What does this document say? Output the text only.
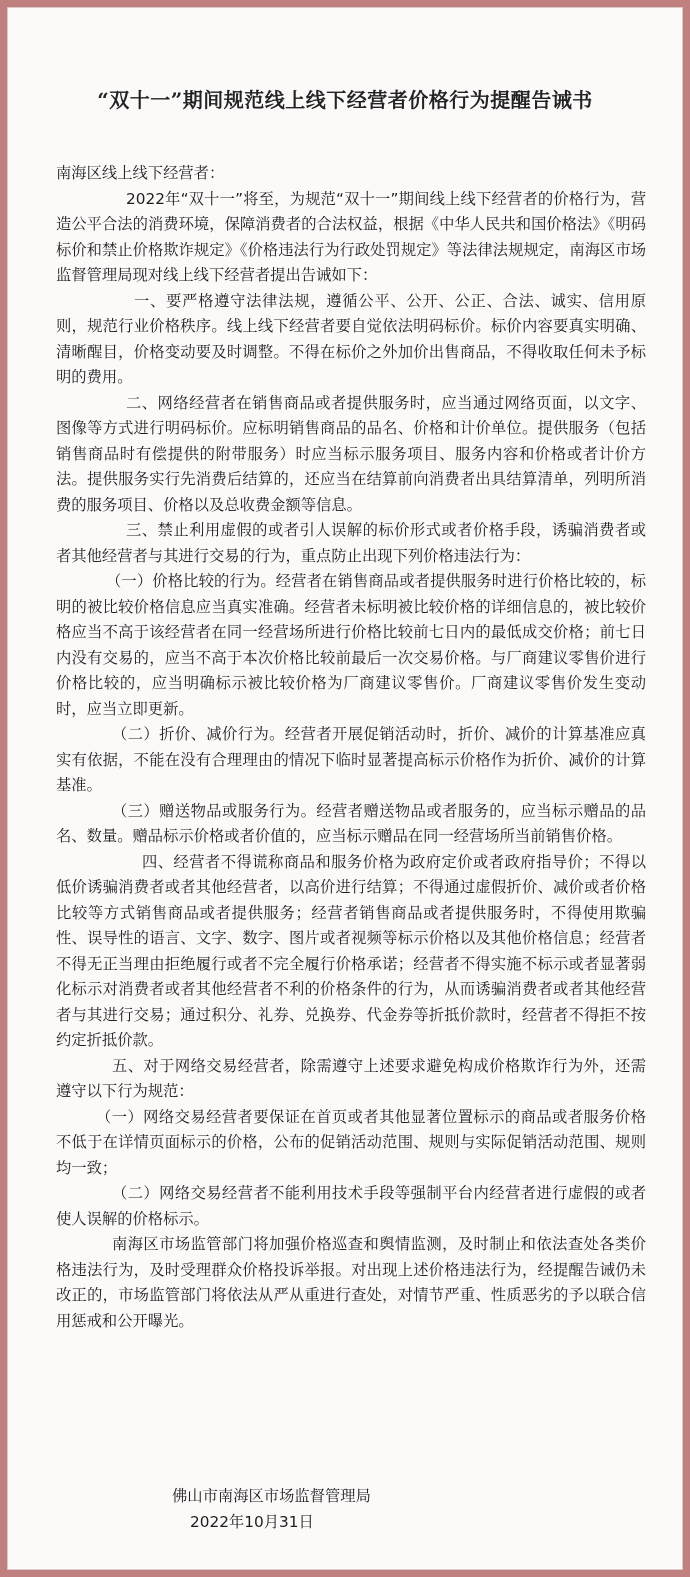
“双十一”期间规范线上线下经营者价格行为提醒告诫书

南海区线上线下经营者：

2022年“双十一”将至，为规范“双十一”期间线上线下经营者的价格行为，营造公平合法的消费环境，保障消费者的合法权益，根据《中华人民共和国价格法》《明码标价和禁止价格欺诈规定》《价格违法行为行政处罚规定》等法律法规规定，南海区市场监督管理局现对线上线下经营者提出告诫如下：

一、要严格遵守法律法规，遵循公平、公开、公正、合法、诚实、信用原则，规范行业价格秩序。线上线下经营者要自觉依法明码标价。标价内容要真实明确、清晰醒目，价格变动要及时调整。不得在标价之外加价出售商品，不得收取任何未予标明的费用。

二、网络经营者在销售商品或者提供服务时，应当通过网络页面，以文字、图像等方式进行明码标价。应标明销售商品的品名、价格和计价单位。提供服务（包括销售商品时有偿提供的附带服务）时应当标示服务项目、服务内容和价格或者计价方法。提供服务实行先消费后结算的，还应当在结算前向消费者出具结算清单，列明所消费的服务项目、价格以及总收费金额等信息。

三、禁止利用虚假的或者引人误解的标价形式或者价格手段，诱骗消费者或者其他经营者与其进行交易的行为，重点防止出现下列价格违法行为：

（一）价格比较的行为。经营者在销售商品或者提供服务时进行价格比较的，标明的被比较价格信息应当真实准确。经营者未标明被比较价格的详细信息的，被比较价格应当不高于该经营者在同一经营场所进行价格比较前七日内的最低成交价格；前七日内没有交易的，应当不高于本次价格比较前最后一次交易价格。与厂商建议零售价进行价格比较的，应当明确标示被比较价格为厂商建议零售价。厂商建议零售价发生变动时，应当立即更新。

（二）折价、减价行为。经营者开展促销活动时，折价、减价的计算基准应真实有依据，不能在没有合理理由的情况下临时显著提高标示价格作为折价、减价的计算基准。

（三）赠送物品或服务行为。经营者赠送物品或者服务的，应当标示赠品的品名、数量。赠品标示价格或者价值的，应当标示赠品在同一经营场所当前销售价格。

四、经营者不得谎称商品和服务价格为政府定价或者政府指导价；不得以低价诱骗消费者或者其他经营者，以高价进行结算；不得通过虚假折价、减价或者价格比较等方式销售商品或者提供服务；经营者销售商品或者提供服务时，不得使用欺骗性、误导性的语言、文字、数字、图片或者视频等标示价格以及其他价格信息；经营者不得无正当理由拒绝履行或者不完全履行价格承诺；经营者不得实施不标示或者显著弱化标示对消费者或者其他经营者不利的价格条件的行为，从而诱骗消费者或者其他经营者与其进行交易；通过积分、礼券、兑换券、代金券等折抵价款时，经营者不得拒不按约定折抵价款。

五、对于网络交易经营者，除需遵守上述要求避免构成价格欺诈行为外，还需遵守以下行为规范：

（一）网络交易经营者要保证在首页或者其他显著位置标示的商品或者服务价格不低于在详情页面标示的价格，公布的促销活动范围、规则与实际促销活动范围、规则均一致；

（二）网络交易经营者不能利用技术手段等强制平台内经营者进行虚假的或者使人误解的价格标示。

南海区市场监管部门将加强价格巡查和舆情监测，及时制止和依法查处各类价格违法行为，及时受理群众价格投诉举报。对出现上述价格违法行为，经提醒告诫仍未改正的，市场监管部门将依法从严从重进行查处，对情节严重、性质恶劣的予以联合信用惩戒和公开曝光。

佛山市南海区市场监督管理局
2022年10月31日
